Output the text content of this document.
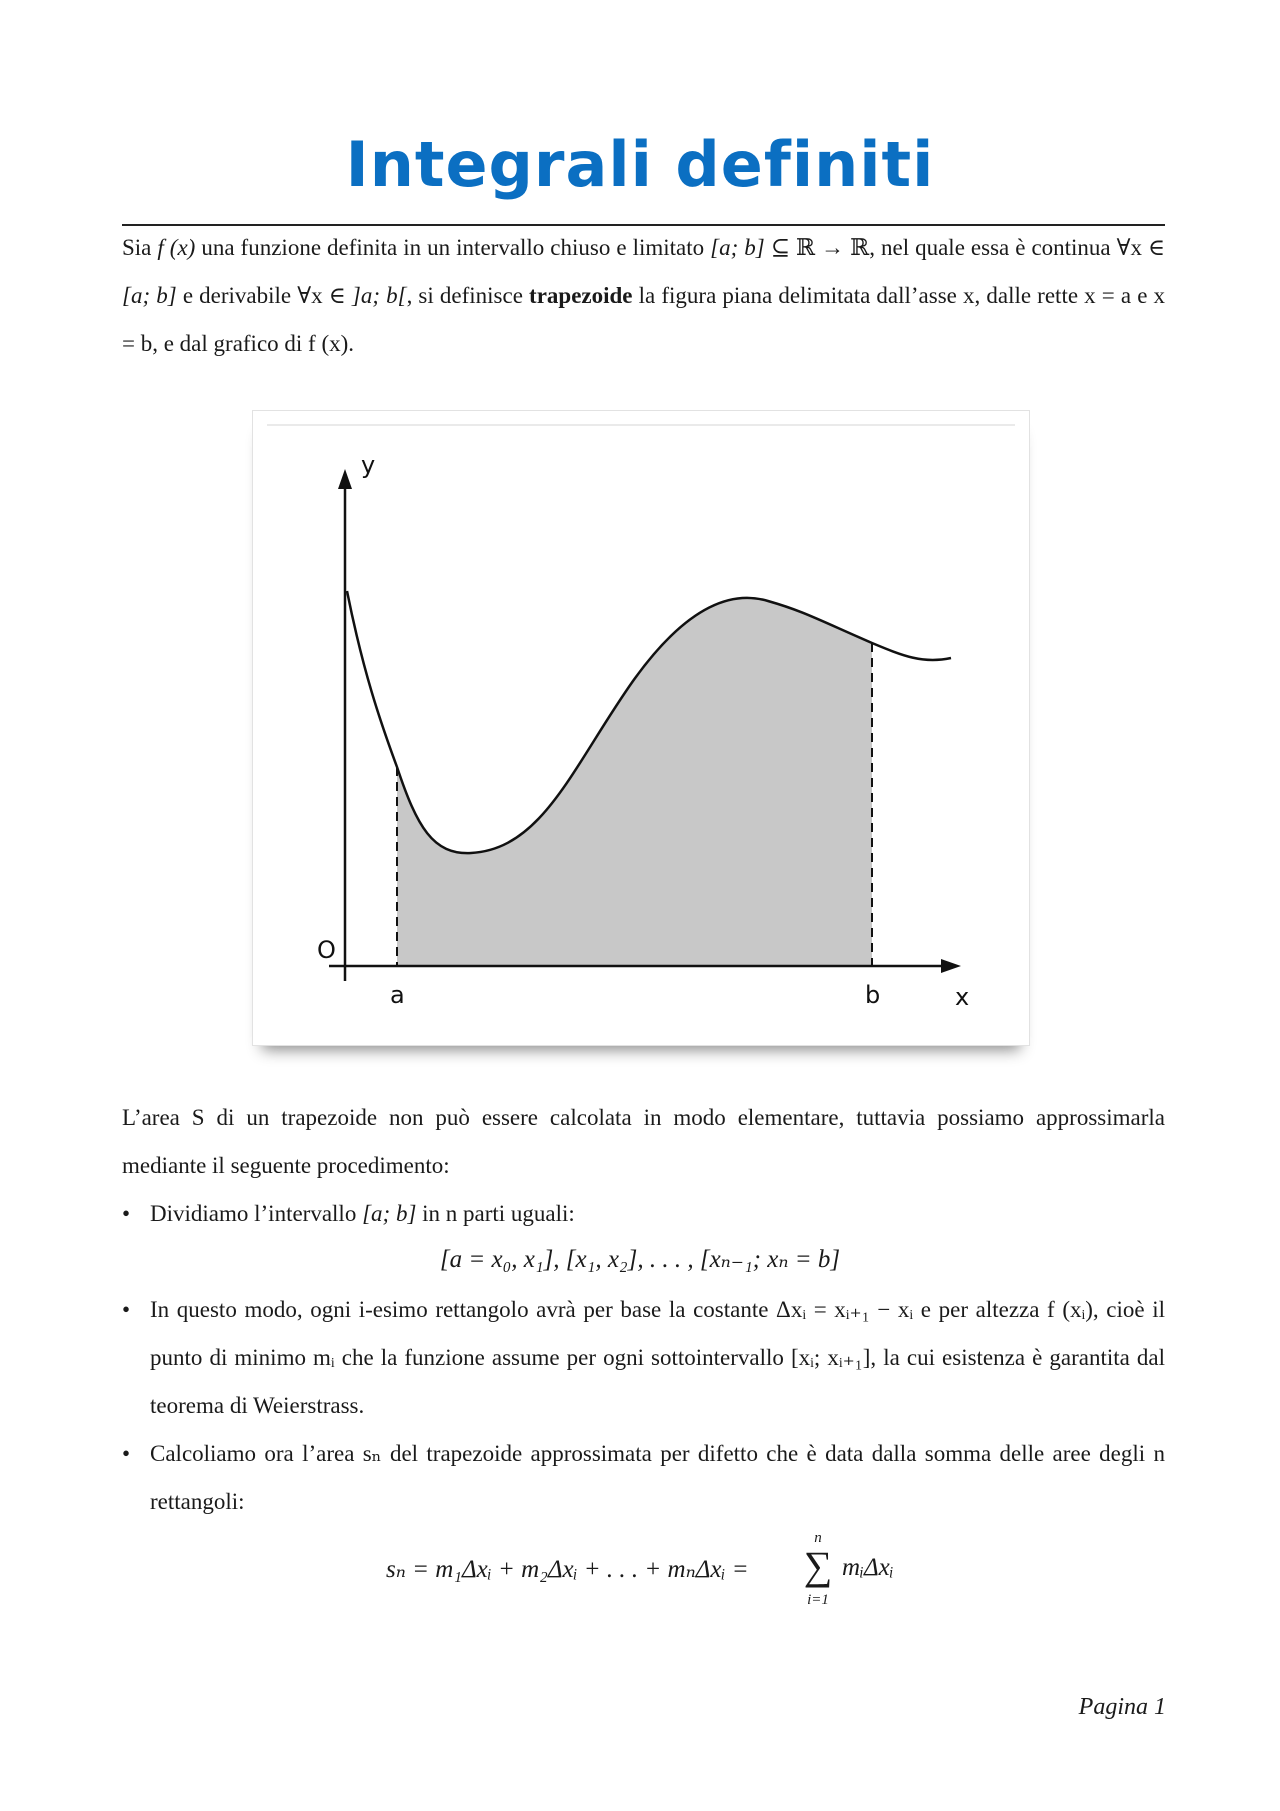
Integrali definiti
Sia f (x) una funzione definita in un intervallo chiuso e limitato [a; b] ⊆ ℝ → ℝ, nel quale essa è continua ∀x ∈ [a; b] e derivabile ∀x ∈ ]a; b[, si definisce trapezoide la figura piana delimitata dall’asse x, dalle rette x = a e x = b, e dal grafico di f (x).
y
O
a	b	x
L’area S di un trapezoide non può essere calcolata in modo elementare, tuttavia possiamo approssimarla mediante il seguente procedimento:
• Dividiamo l’intervallo [a; b] in n parti uguali:
[a = x₀, x₁], [x₁, x₂], . . . , [xₙ₋₁; xₙ = b]
• In questo modo, ogni i-esimo rettangolo avrà per base la costante Δxᵢ = xᵢ₊₁ − xᵢ e per altezza f (xᵢ), cioè il punto di minimo mᵢ che la funzione assume per ogni sottointervallo [xᵢ; xᵢ₊₁], la cui esistenza è garantita dal teorema di Weierstrass.
• Calcoliamo ora l’area sₙ del trapezoide approssimata per difetto che è data dalla somma delle aree degli n rettangoli:
sₙ = m₁Δxᵢ + m₂Δxᵢ + . . . + mₙΔxᵢ =
n
∑
i=1
mᵢΔxᵢ
Pagina 1
